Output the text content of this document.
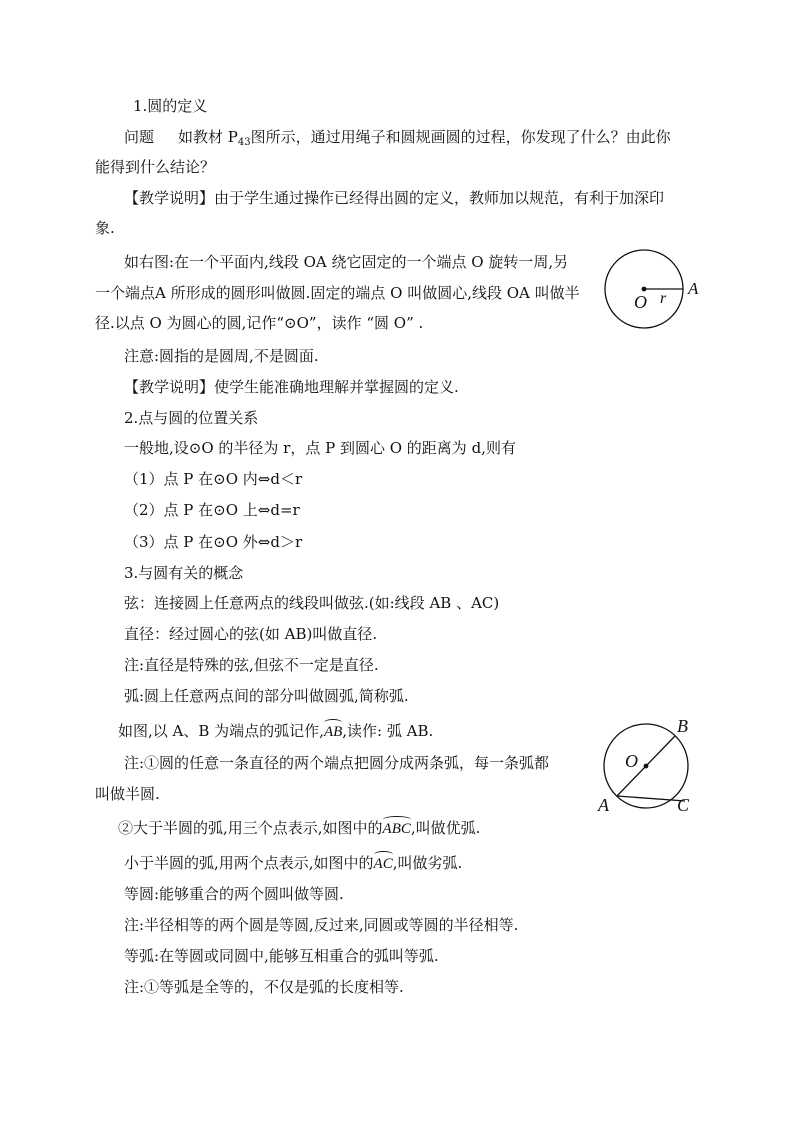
1.圆的定义
问题 如教材 $P_{43}$图所示，通过用绳子和圆规画圆的过程，你发现了什么？由此你
能得到什么结论？
【教学说明】由于学生通过操作已经得出圆的定义，教师加以规范，有利于加深印
象.
如右图:在一个平面内,线段 OA 绕它固定的一个端点 O 旋转一周,另
一个端点A 所形成的圆形叫做圆.固定的端点 O 叫做圆心,线段 OA 叫做半
径.以点 O 为圆心的圆,记作“⊙O”，读作 “圆 O” .
注意:圆指的是圆周,不是圆面.
【教学说明】使学生能准确地理解并掌握圆的定义.
O r
A
2.点与圆的位置关系
一般地,设⊙O 的半径为 r，点 P 到圆心 O 的距离为 d,则有
（1）点 P 在⊙O 内⇔d＜r
（2）点 P 在⊙O 上⇔d=r
（3）点 P 在⊙O 外⇔d＞r
3.与圆有关的概念
弦：连接圆上任意两点的线段叫做弦.(如:线段 AB 、AC)
直径：经过圆心的弦(如 AB)叫做直径.
注:直径是特殊的弦,但弦不一定是直径.
弧:圆上任意两点间的部分叫做圆弧,简称弧.
如图,以 A、B 为端点的弧记作,AB,读作: 弧 AB.
注:①圆的任意一条直径的两个端点把圆分成两条弧，每一条弧都
叫做半圆.
②大于半圆的弧,用三个点表示,如图中的ABC,叫做优弧.
小于半圆的弧,用两个点表示,如图中的AC,叫做劣弧.
等圆:能够重合的两个圆叫做等圆.
注:半径相等的两个圆是等圆,反过来,同圆或等圆的半径相等.
等弧:在等圆或同圆中,能够互相重合的弧叫等弧.
注:①等弧是全等的，不仅是弧的长度相等.
B
O
A	C
